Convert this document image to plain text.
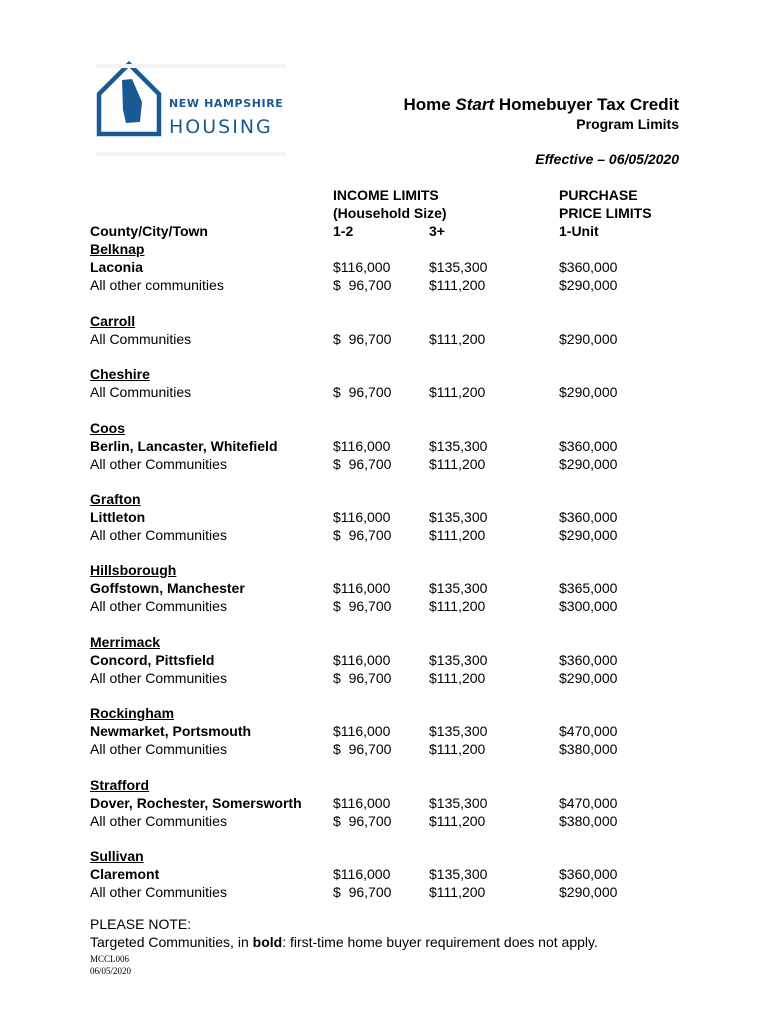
NEW HAMPSHIRE
HOUSING
Home Start Homebuyer Tax Credit
Program Limits
Effective – 06/05/2020
INCOME LIMITS
(Household Size)
1-2	3+
PURCHASE
PRICE LIMITS
1-Unit
County/City/Town
Belknap
Laconia	$116,000	$135,300	$360,000
All other communities	$  96,700	$111,200	$290,000
Carroll
All Communities	$  96,700	$111,200	$290,000
Cheshire
All Communities	$  96,700	$111,200	$290,000
Coos
Berlin, Lancaster, Whitefield	$116,000	$135,300	$360,000
All other Communities	$  96,700	$111,200	$290,000
Grafton
Littleton	$116,000	$135,300	$360,000
All other Communities	$  96,700	$111,200	$290,000
Hillsborough
Goffstown, Manchester	$116,000	$135,300	$365,000
All other Communities	$  96,700	$111,200	$300,000
Merrimack
Concord, Pittsfield	$116,000	$135,300	$360,000
All other Communities	$  96,700	$111,200	$290,000
Rockingham
Newmarket, Portsmouth	$116,000	$135,300	$470,000
All other Communities	$  96,700	$111,200	$380,000
Strafford
Dover, Rochester, Somersworth $116,000	$135,300	$470,000
All other Communities	$  96,700	$111,200	$380,000
Sullivan
Claremont	$116,000	$135,300	$360,000
All other Communities	$  96,700	$111,200	$290,000
PLEASE NOTE:
Targeted Communities, in bold: first-time home buyer requirement does not apply.
MCCL006
06/05/2020
